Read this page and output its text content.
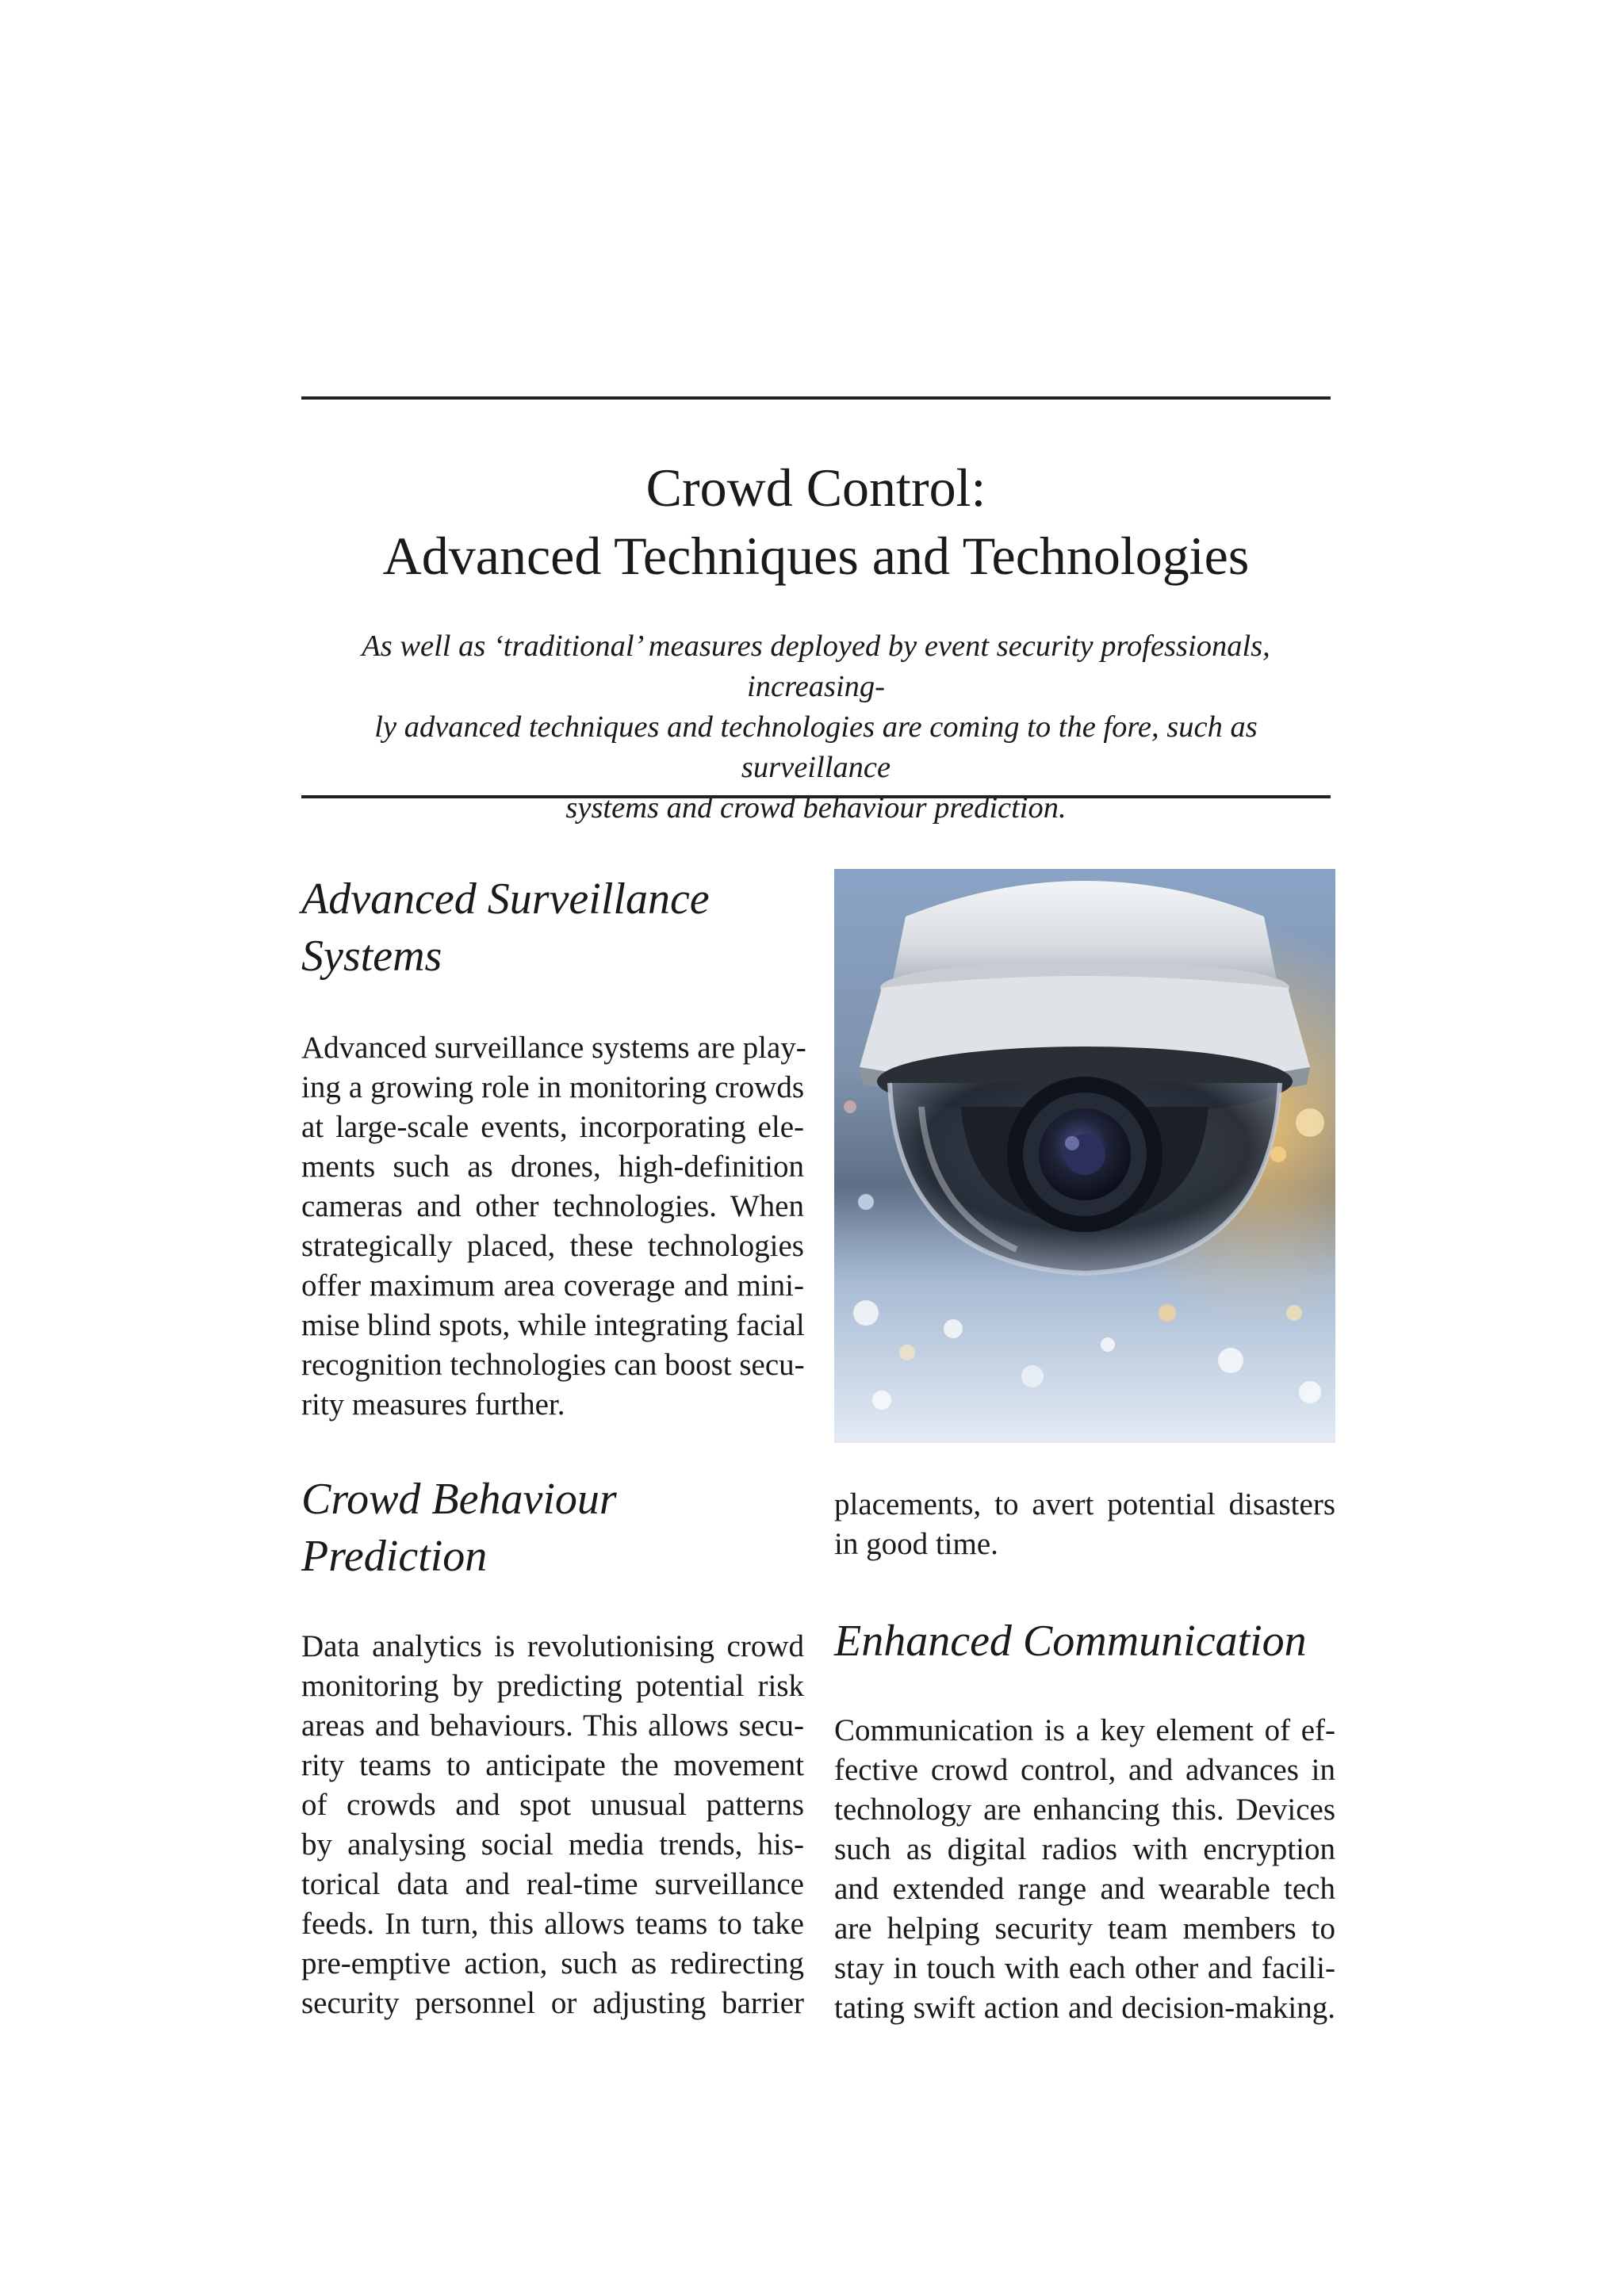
Crowd Control:
Advanced Techniques and Technologies

As well as ‘traditional’ measures deployed by event security professionals, increasing-
ly advanced techniques and technologies are coming to the fore, such as surveillance
systems and crowd behaviour prediction.

Advanced Surveillance
Systems

Advanced surveillance systems are play-
ing a growing role in monitoring crowds
at large-scale events, incorporating ele-
ments such as drones, high-definition
cameras and other technologies. When
strategically placed, these technologies
offer maximum area coverage and mini-
mise blind spots, while integrating facial
recognition technologies can boost secu-
rity measures further.

Crowd Behaviour
Prediction

Data analytics is revolutionising crowd
monitoring by predicting potential risk
areas and behaviours. This allows secu-
rity teams to anticipate the movement
of crowds and spot unusual patterns
by analysing social media trends, his-
torical data and real-time surveillance
feeds. In turn, this allows teams to take
pre-emptive action, such as redirecting
security personnel or adjusting barrier

placements, to avert potential disasters
in good time.

Enhanced Communication

Communication is a key element of ef-
fective crowd control, and advances in
technology are enhancing this. Devices
such as digital radios with encryption
and extended range and wearable tech
are helping security team members to
stay in touch with each other and facili-
tating swift action and decision-making.
